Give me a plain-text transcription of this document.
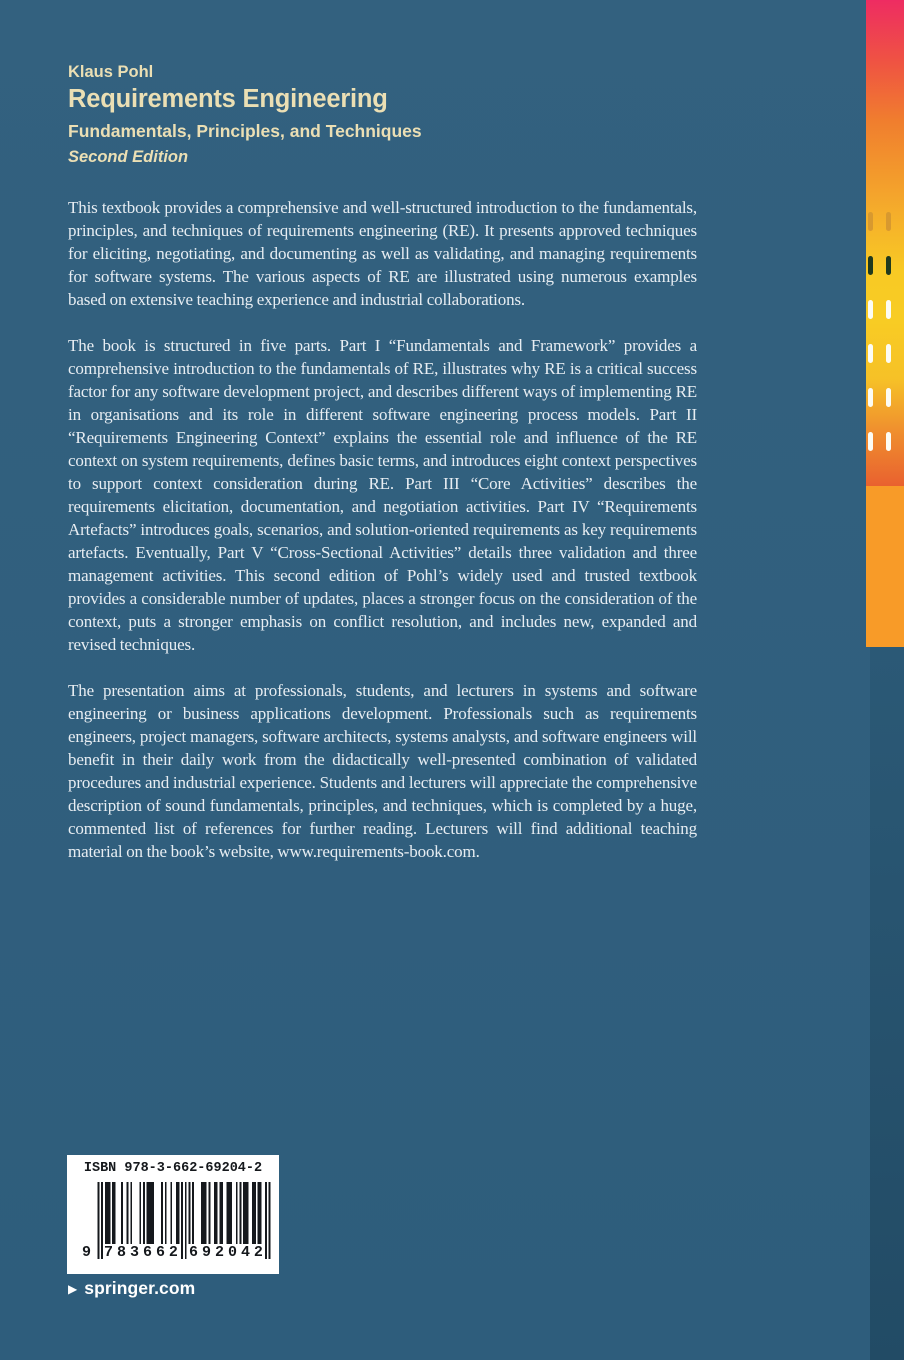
Klaus Pohl
Requirements Engineering
Fundamentals, Principles, and Techniques
Second Edition

This textbook provides a comprehensive and well-structured introduction to the fundamentals, principles, and techniques of requirements engineering (RE). It presents approved techniques for eliciting, negotiating, and documenting as well as validating, and managing requirements for software systems. The various aspects of RE are illustrated using numerous examples based on extensive teaching experience and industrial collaborations.

The book is structured in five parts. Part I “Fundamentals and Framework” provides a comprehensive introduction to the fundamentals of RE, illustrates why RE is a critical success factor for any software development project, and describes different ways of implementing RE in organisations and its role in different software engineering process models. Part II “Requirements Engineering Context” explains the essential role and influence of the RE context on system requirements, defines basic terms, and introduces eight context perspectives to support context consideration during RE. Part III “Core Activities” describes the requirements elicitation, documentation, and negotiation activities. Part IV “Requirements Artefacts” introduces goals, scenarios, and solution-oriented requirements as key requirements artefacts. Eventually, Part V “Cross-Sectional Activities” details three validation and three management activities. This second edition of Pohl’s widely used and trusted textbook provides a considerable number of updates, places a stronger focus on the consideration of the context, puts a stronger emphasis on conflict resolution, and includes new, expanded and revised techniques.

The presentation aims at professionals, students, and lecturers in systems and software engineering or business applications development. Professionals such as requirements engineers, project managers, software architects, systems analysts, and software engineers will benefit in their daily work from the didactically well-presented combination of validated procedures and industrial experience. Students and lecturers will appreciate the comprehensive description of sound fundamentals, principles, and techniques, which is completed by a huge, commented list of references for further reading. Lecturers will find additional teaching material on the book’s website, www.requirements-book.com.

ISBN 978-3-662-69204-2
9 7 8 3 6 6 2 6 9 2 0 4 2
▶ springer.com
